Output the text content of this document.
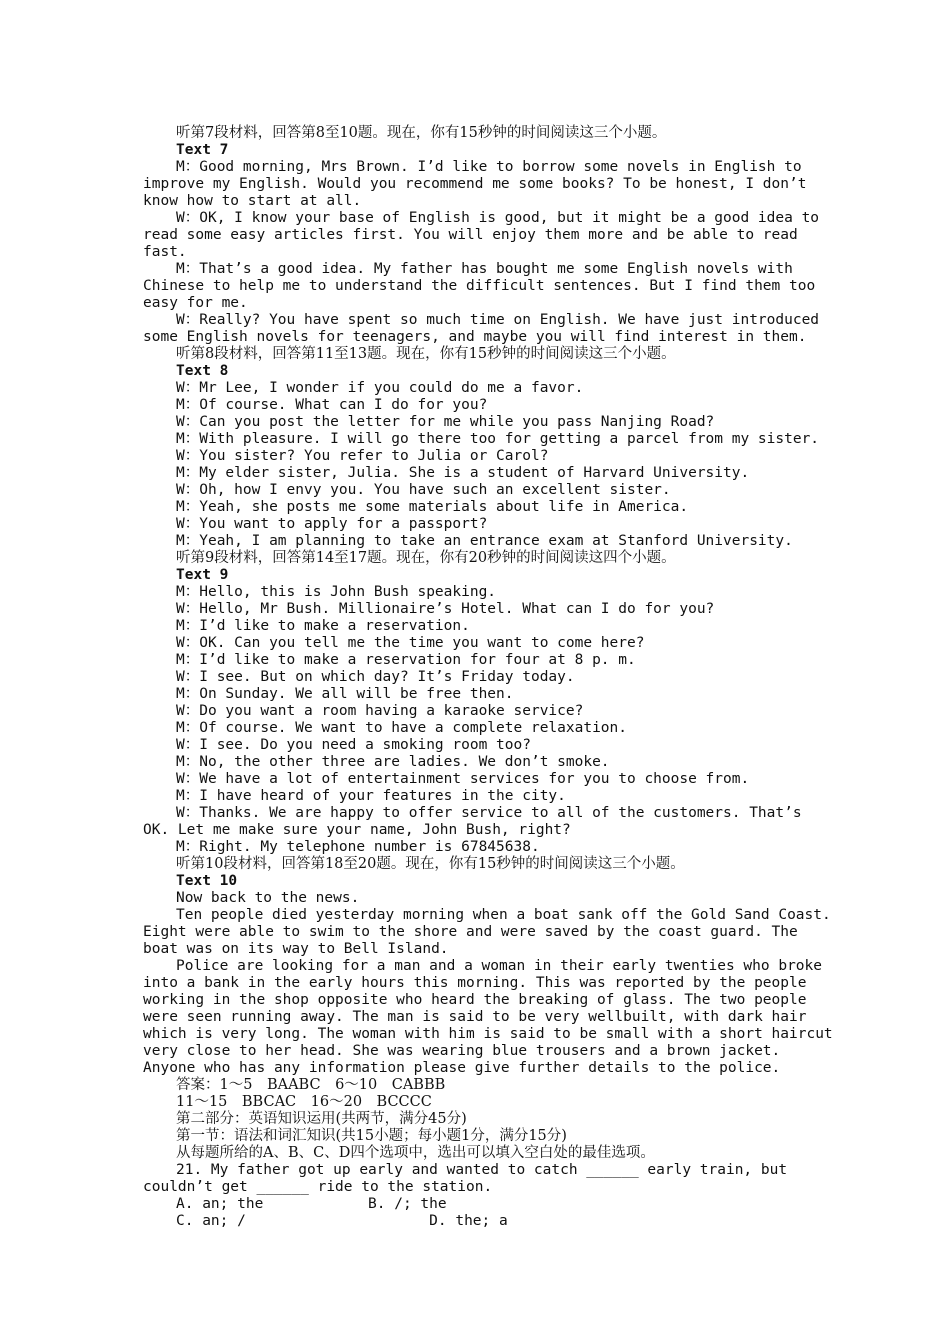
听第7段材料，回答第8至10题。现在，你有15秒钟的时间阅读这三个小题。
Text 7
M：Good morning, Mrs Brown. I’d like to borrow some novels in English to
improve my English. Would you recommend me some books? To be honest, I don’t
know how to start at all.
W：OK, I know your base of English is good, but it might be a good idea to
read some easy articles first. You will enjoy them more and be able to read
fast.
M：That’s a good idea. My father has bought me some English novels with
Chinese to help me to understand the difficult sentences. But I find them too
easy for me.
W：Really? You have spent so much time on English. We have just introduced
some English novels for teenagers, and maybe you will find interest in them.
听第8段材料，回答第11至13题。现在，你有15秒钟的时间阅读这三个小题。
Text 8
W：Mr Lee, I wonder if you could do me a favor.
M：Of course. What can I do for you?
W：Can you post the letter for me while you pass Nanjing Road?
M：With pleasure. I will go there too for getting a parcel from my sister.
W：You sister? You refer to Julia or Carol?
M：My elder sister, Julia. She is a student of Harvard University.
W：Oh, how I envy you. You have such an excellent sister.
M：Yeah, she posts me some materials about life in America.
W：You want to apply for a passport?
M：Yeah, I am planning to take an entrance exam at Stanford University.
听第9段材料，回答第14至17题。现在，你有20秒钟的时间阅读这四个小题。
Text 9
M：Hello, this is John Bush speaking.
W：Hello, Mr Bush. Millionaire’s Hotel. What can I do for you?
M：I’d like to make a reservation.
W：OK. Can you tell me the time you want to come here?
M：I’d like to make a reservation for four at 8 p. m.
W：I see. But on which day? It’s Friday today.
M：On Sunday. We all will be free then.
W：Do you want a room having a karaoke service?
M：Of course. We want to have a complete relaxation.
W：I see. Do you need a smoking room too?
M：No, the other three are ladies. We don’t smoke.
W：We have a lot of entertainment services for you to choose from.
M：I have heard of your features in the city.
W：Thanks. We are happy to offer service to all of the customers. That’s
OK. Let me make sure your name, John Bush, right?
M：Right. My telephone number is 67845638.
听第10段材料，回答第18至20题。现在，你有15秒钟的时间阅读这三个小题。
Text 10
Now back to the news.
Ten people died yesterday morning when a boat sank off the Gold Sand Coast.
Eight were able to swim to the shore and were saved by the coast guard. The
boat was on its way to Bell Island.
Police are looking for a man and a woman in their early twenties who broke
into a bank in the early hours this morning. This was reported by the people
working in the shop opposite who heard the breaking of glass. The two people
were seen running away. The man is said to be very wellbuilt, with dark hair
which is very long. The woman with him is said to be small with a short haircut
very close to her head. She was wearing blue trousers and a brown jacket.
Anyone who has any information please give further details to the police.
答案：1～5　BAABC　6～10　CABBB
11～15　BBCAC　16～20　BCCCC
第二部分：英语知识运用(共两节，满分45分)
第一节：语法和词汇知识(共15小题；每小题1分，满分15分)
从每题所给的A、B、C、D四个选项中，选出可以填入空白处的最佳选项。
21. My father got up early and wanted to catch ______ early train, but
couldn’t get ______ ride to the station.
A. an; the            B. /; the
C. an; /                     D. the; a
